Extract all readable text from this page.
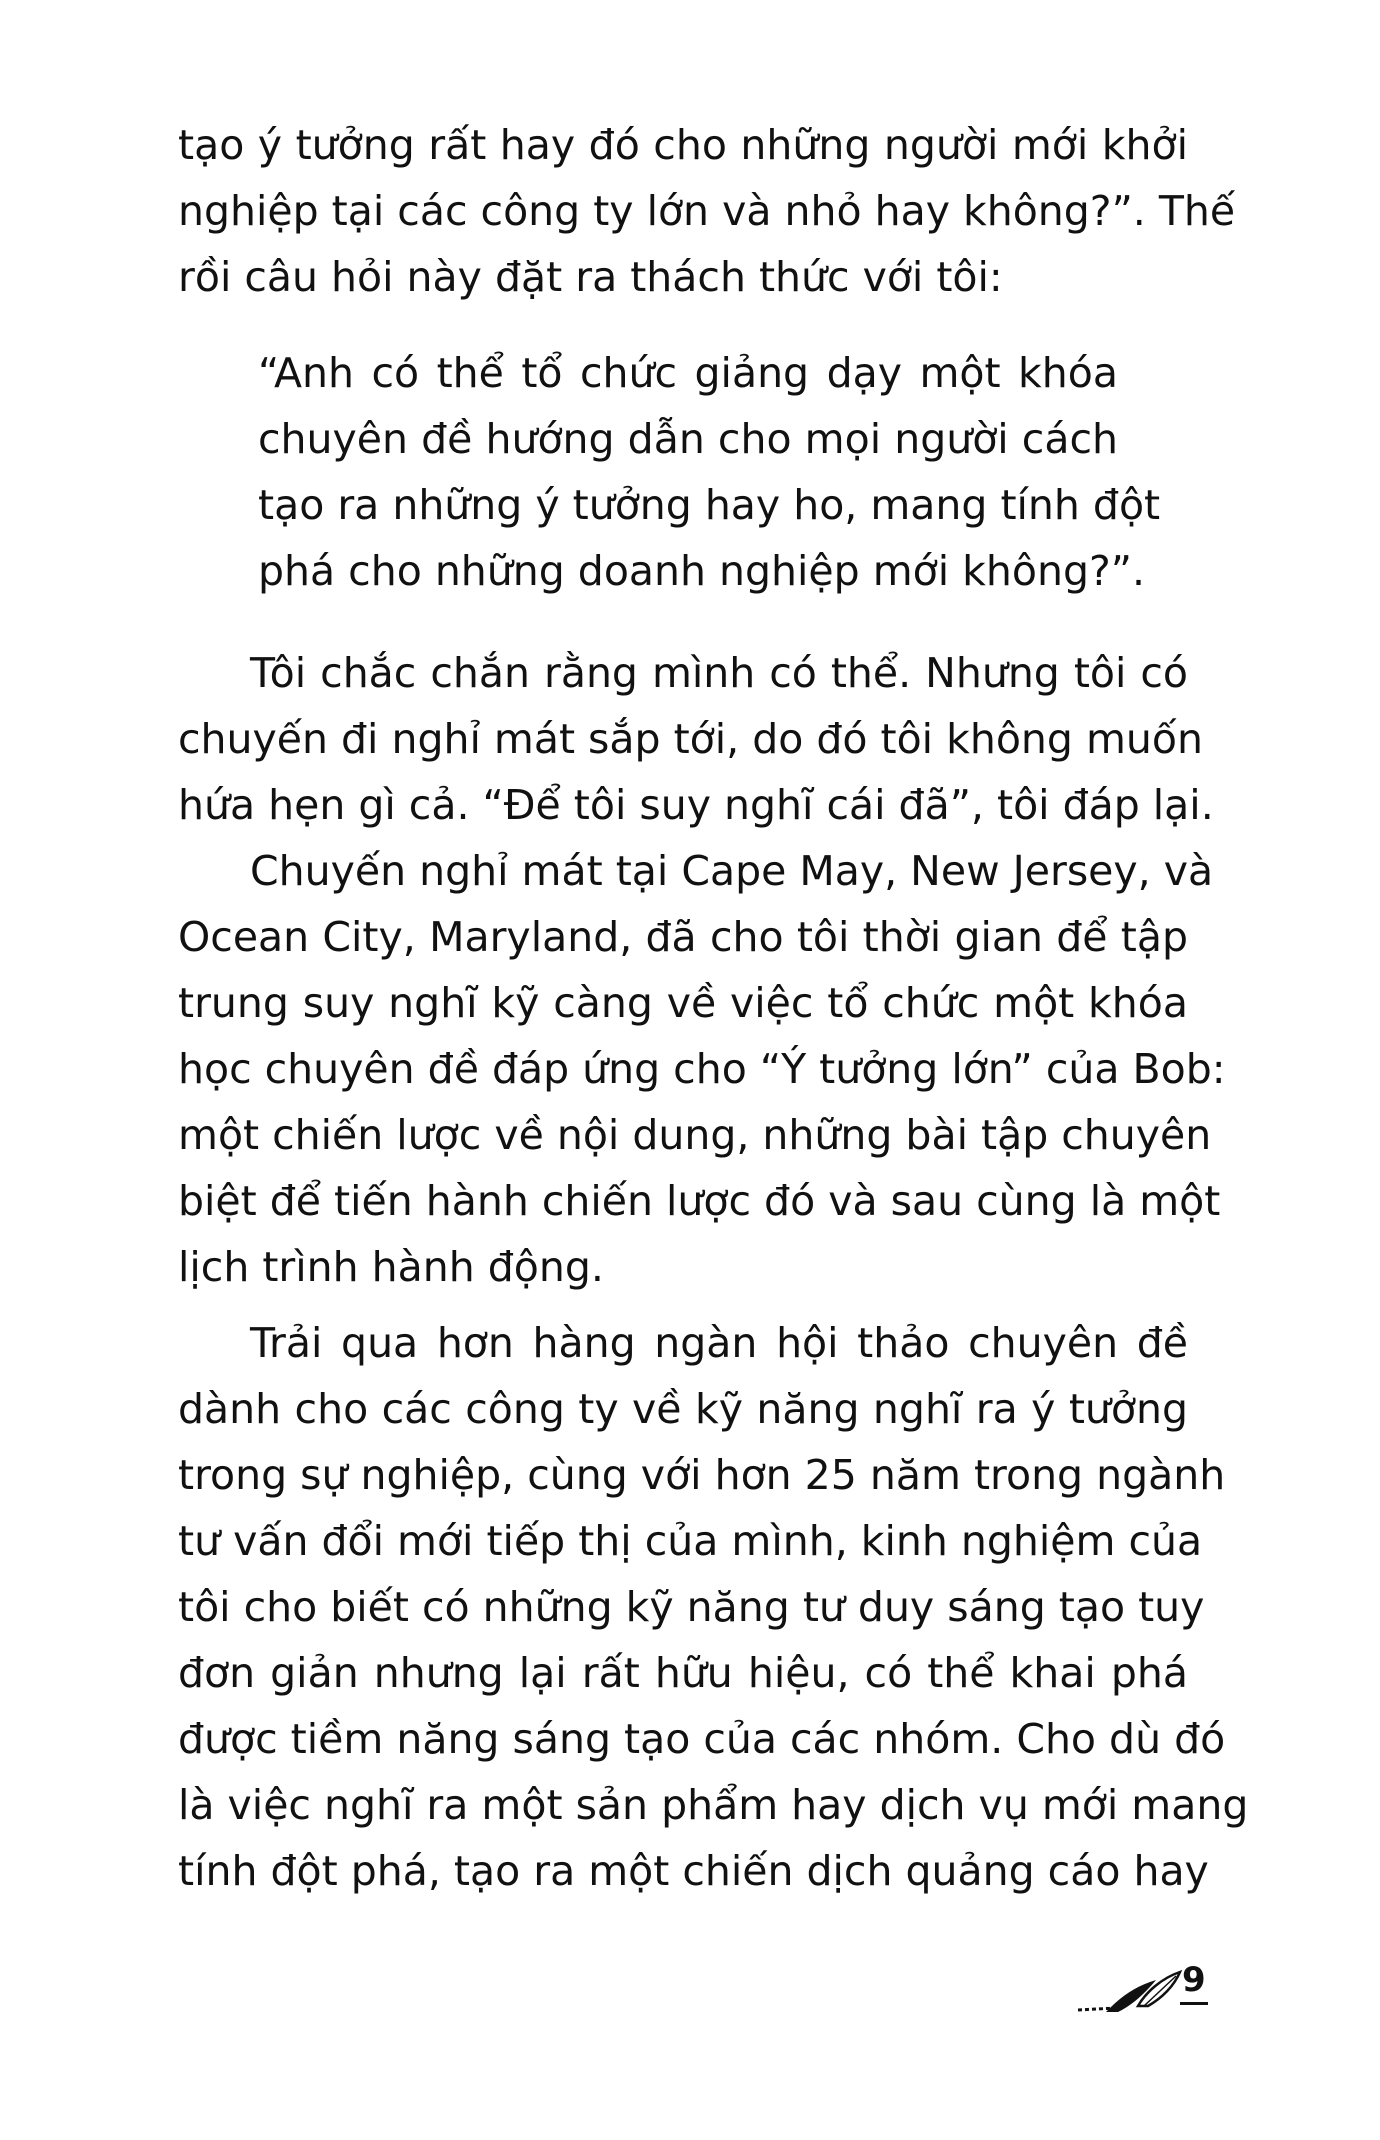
tạo ý tưởng rất hay đó cho những người mới khởi
nghiệp tại các công ty lớn và nhỏ hay không?”. Thế
rồi câu hỏi này đặt ra thách thức với tôi:
“Anh có thể tổ chức giảng dạy một khóa
chuyên đề hướng dẫn cho mọi người cách
tạo ra những ý tưởng hay ho, mang tính đột
phá cho những doanh nghiệp mới không?”.
Tôi chắc chắn rằng mình có thể. Nhưng tôi có
chuyến đi nghỉ mát sắp tới, do đó tôi không muốn
hứa hẹn gì cả. “Để tôi suy nghĩ cái đã”, tôi đáp lại.
Chuyến nghỉ mát tại Cape May, New Jersey, và
Ocean City, Maryland, đã cho tôi thời gian để tập
trung suy nghĩ kỹ càng về việc tổ chức một khóa
học chuyên đề đáp ứng cho “Ý tưởng lớn” của Bob:
một chiến lược về nội dung, những bài tập chuyên
biệt để tiến hành chiến lược đó và sau cùng là một
lịch trình hành động.
Trải qua hơn hàng ngàn hội thảo chuyên đề
dành cho các công ty về kỹ năng nghĩ ra ý tưởng
trong sự nghiệp, cùng với hơn 25 năm trong ngành
tư vấn đổi mới tiếp thị của mình, kinh nghiệm của
tôi cho biết có những kỹ năng tư duy sáng tạo tuy
đơn giản nhưng lại rất hữu hiệu, có thể khai phá
được tiềm năng sáng tạo của các nhóm. Cho dù đó
là việc nghĩ ra một sản phẩm hay dịch vụ mới mang
tính đột phá, tạo ra một chiến dịch quảng cáo hay
9
